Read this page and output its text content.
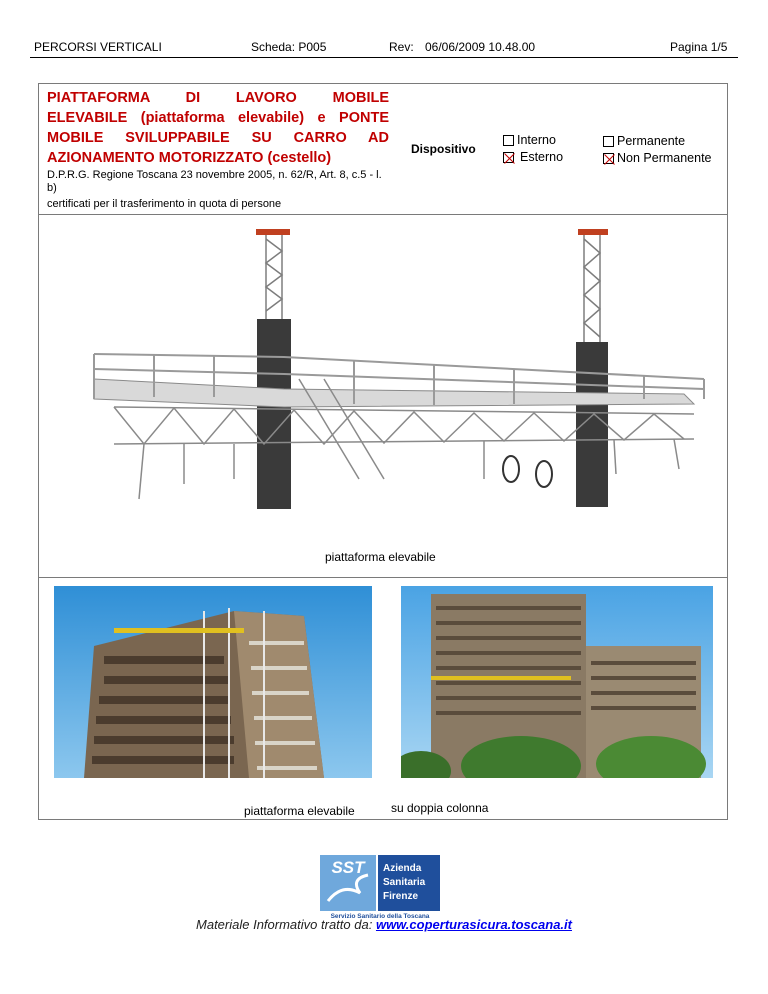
PERCORSI VERTICALI	Scheda: P005	Rev: 06/06/2009 10.48.00	Pagina 1/5
PIATTAFORMA DI LAVORO MOBILE
ELEVABILE (piattaforma elevabile) e PONTE
MOBILE SVILUPPABILE SU CARRO AD
AZIONAMENTO MOTORIZZATO (cestello)
D.P.R.G. Regione Toscana 23 novembre 2005, n. 62/R, Art. 8, c.5 - l. b)
certificati per il trasferimento in quota di persone
Dispositivo
Interno
Esterno
Permanente
Non Permanente
piattaforma elevabile
piattaforma elevabile	su doppia colonna
SST Azienda
Sanitaria
Firenze
Servizio Sanitario della Toscana
Materiale Informativo tratto da: www.coperturasicura.toscana.it
